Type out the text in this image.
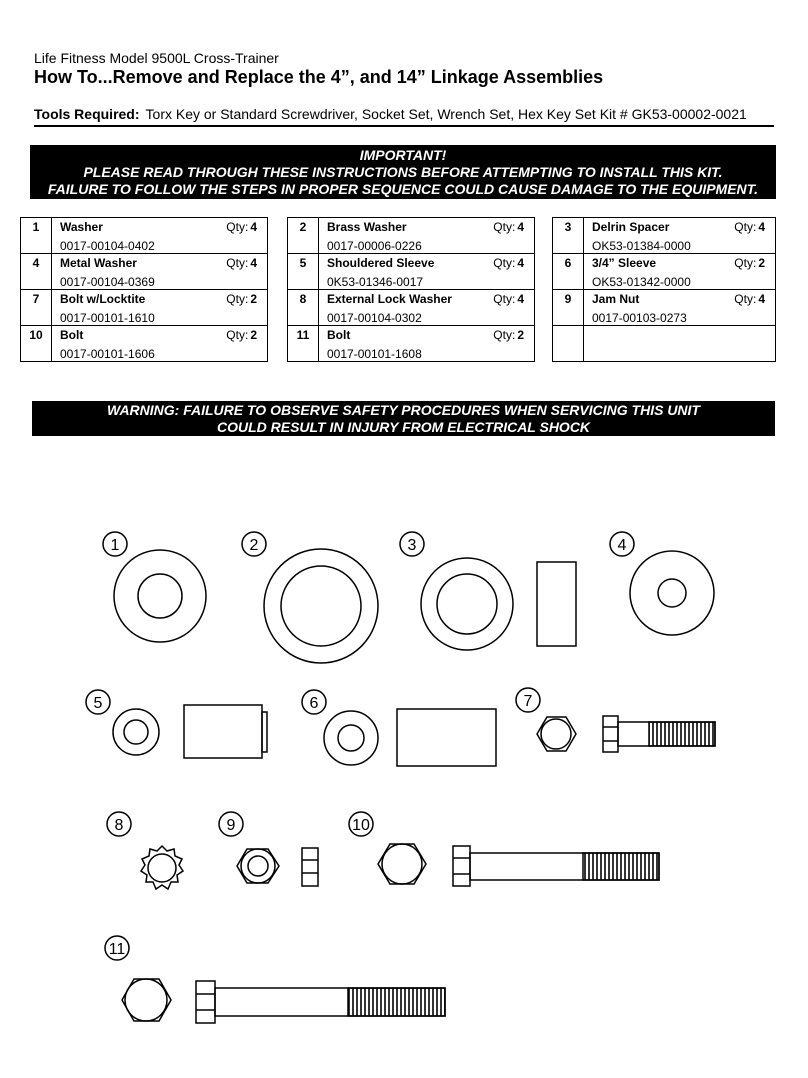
Life Fitness Model 9500L Cross-Trainer
How To...Remove and Replace the 4”, and 14” Linkage Assemblies
Tools Required: Torx Key or Standard Screwdriver, Socket Set, Wrench Set, Hex Key Set Kit # GK53-00002-0021
IMPORTANT!
PLEASE READ THROUGH THESE INSTRUCTIONS BEFORE ATTEMPTING TO INSTALL THIS KIT.
FAILURE TO FOLLOW THE STEPS IN PROPER SEQUENCE COULD CAUSE DAMAGE TO THE EQUIPMENT.
1	Washer Qty: 4
0017-00104-0402

4	Metal Washer Qty: 4
0017-00104-0369

7	Bolt w/Locktite Qty: 2
0017-00101-1610

10	Bolt Qty: 2
0017-00101-1606
2	Brass Washer Qty: 4
0017-00006-0226

5	Shouldered Sleeve Qty: 4
0K53-01346-0017

8	External Lock Washer Qty: 4
0017-00104-0302

11	Bolt Qty: 2
0017-00101-1608
3	Delrin Spacer Qty: 4
OK53-01384-0000

6	3/4” Sleeve Qty: 2
OK53-01342-0000

9	Jam Nut Qty: 4
0017-00103-0273

WARNING: FAILURE TO OBSERVE SAFETY PROCEDURES WHEN SERVICING THIS UNIT
COULD RESULT IN INJURY FROM ELECTRICAL SHOCK
1	2	3	4
5	6	7
8	9	10
11
